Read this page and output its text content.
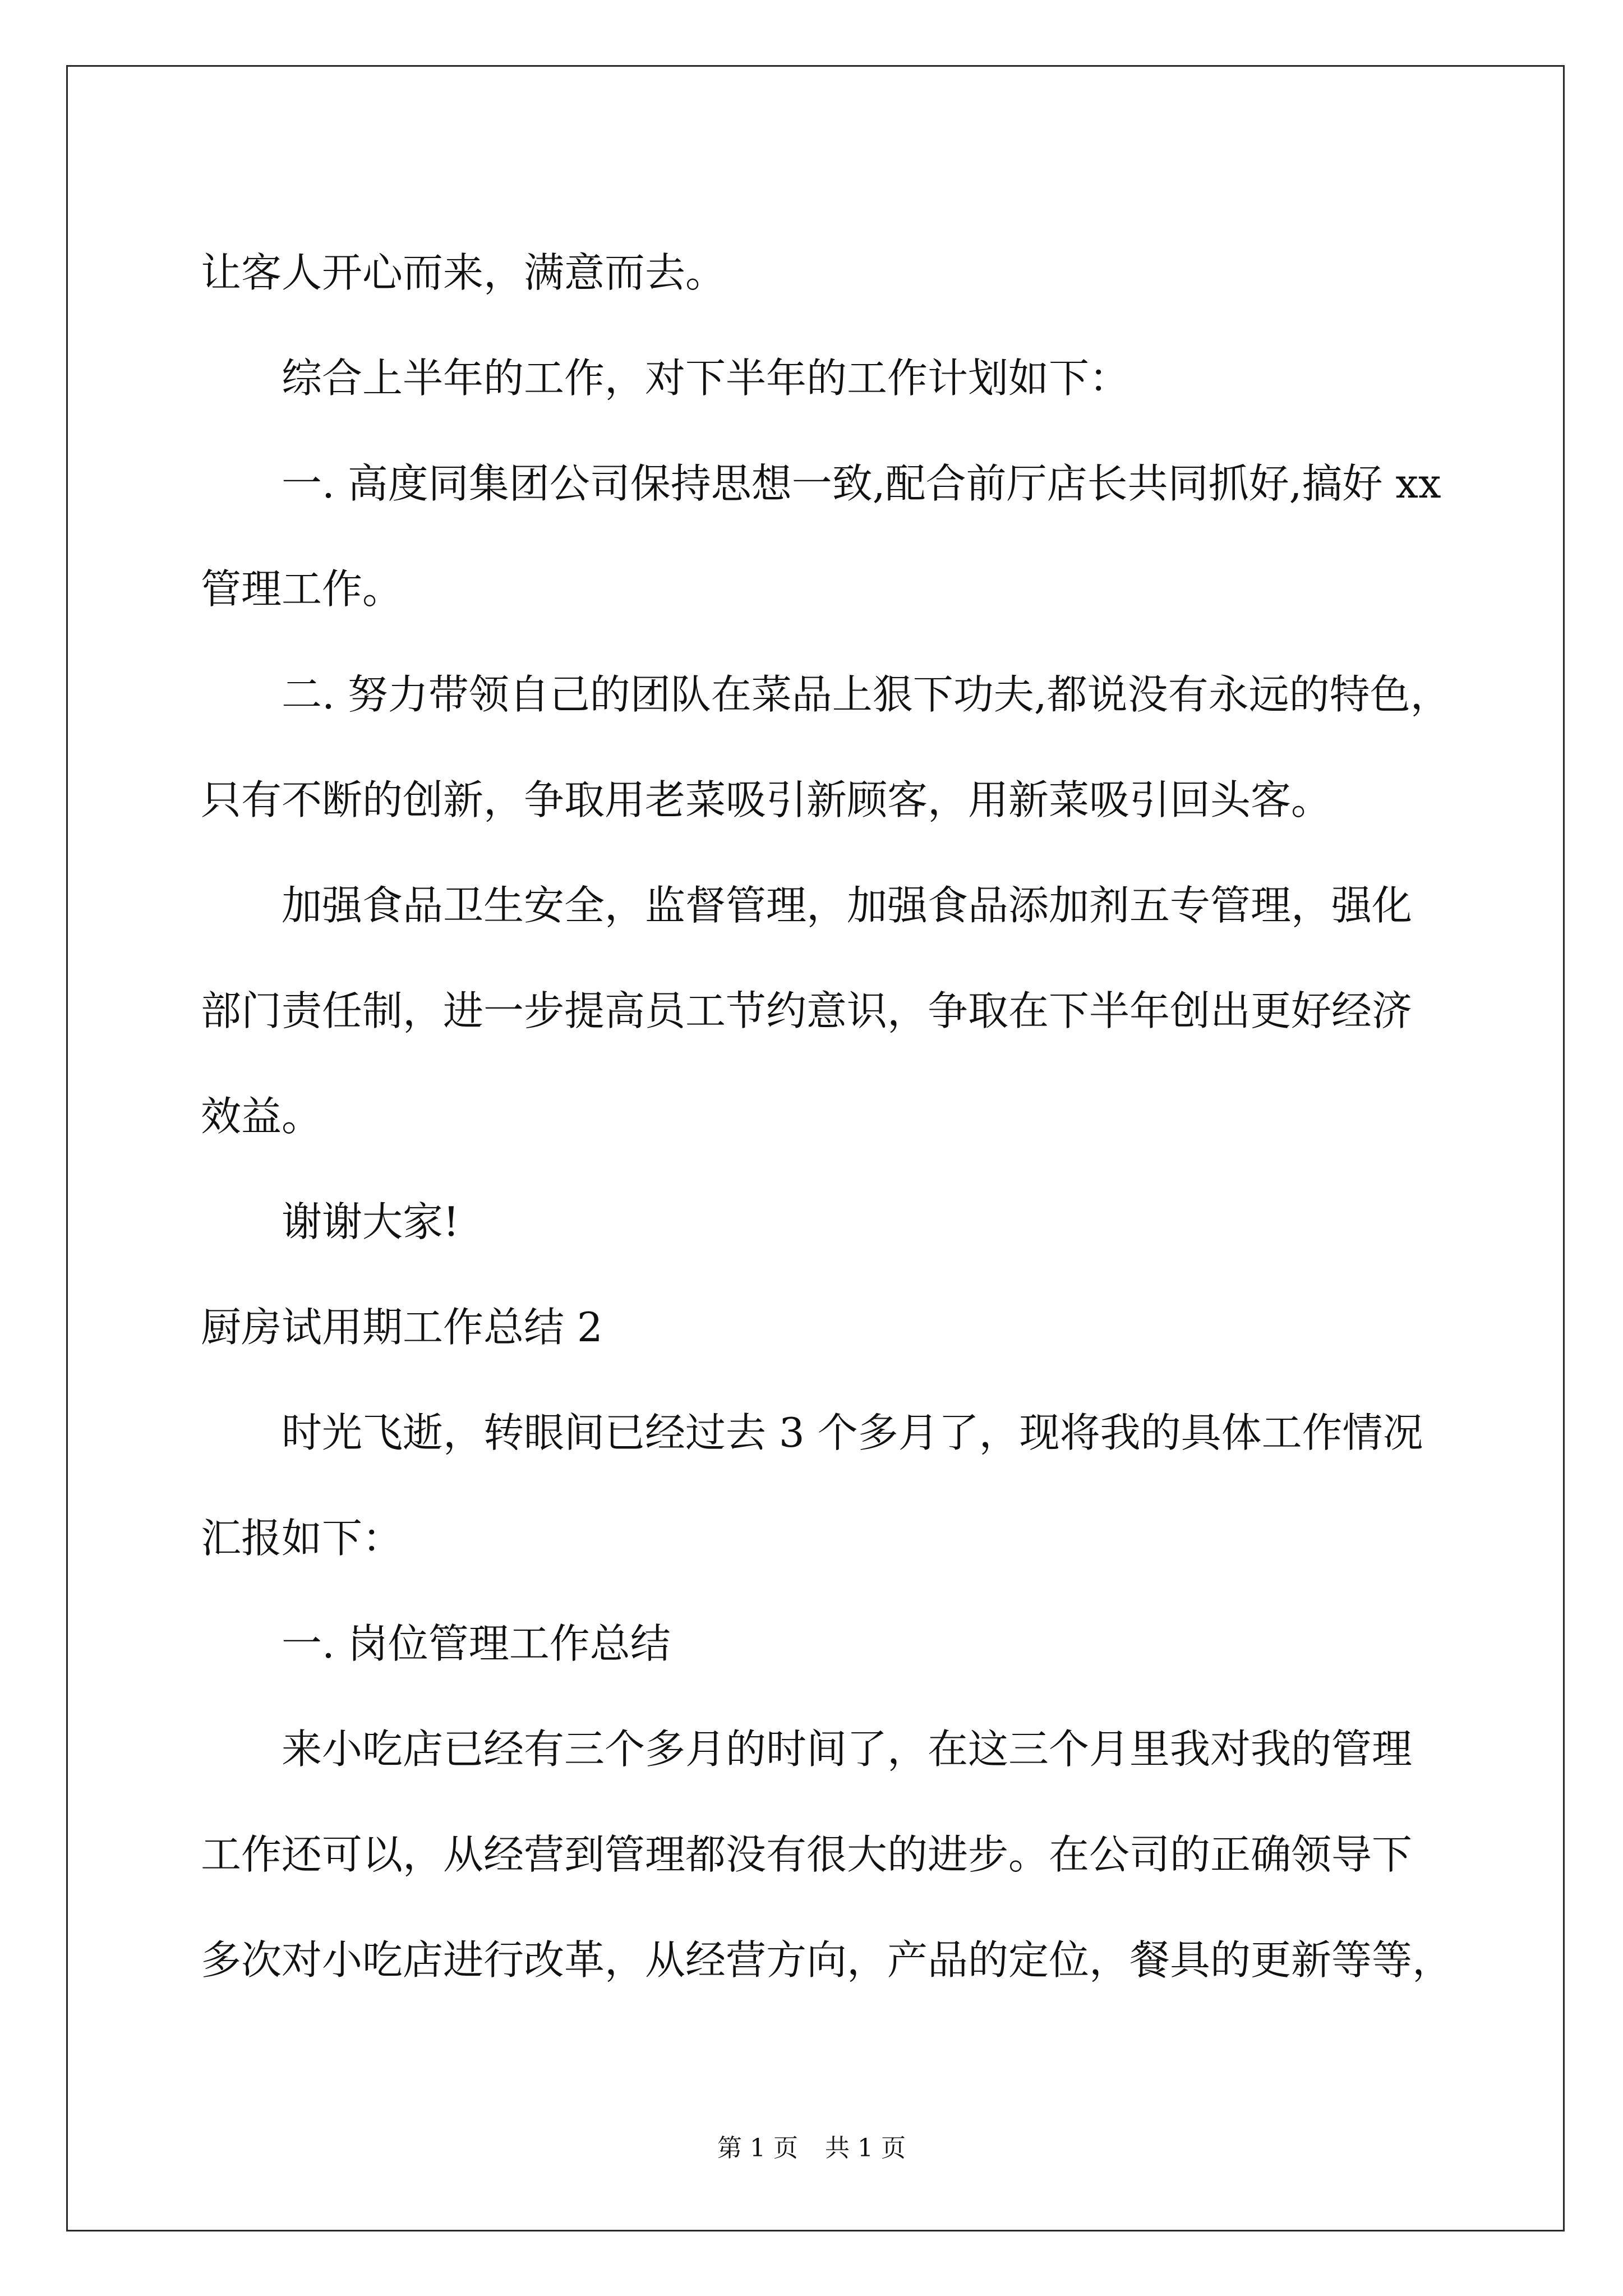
让客人开心而来，满意而去。

综合上半年的工作，对下半年的工作计划如下：

一. 高度同集团公司保持思想一致,配合前厅店长共同抓好,搞好 xx

管理工作。

二. 努力带领自己的团队在菜品上狠下功夫,都说没有永远的特色，

只有不断的创新，争取用老菜吸引新顾客，用新菜吸引回头客。

加强食品卫生安全，监督管理，加强食品添加剂五专管理，强化

部门责任制，进一步提高员工节约意识，争取在下半年创出更好经济
效益。

谢谢大家!

厨房试用期工作总结 2

时光飞逝，转眼间已经过去 3 个多月了，现将我的具体工作情况

汇报如下：

一. 岗位管理工作总结

来小吃店已经有三个多月的时间了，在这三个月里我对我的管理

工作还可以，从经营到管理都没有很大的进步。在公司的正确领导下
多次对小吃店进行改革，从经营方向，产品的定位，餐具的更新等等，

第 1 页 共 1 页
